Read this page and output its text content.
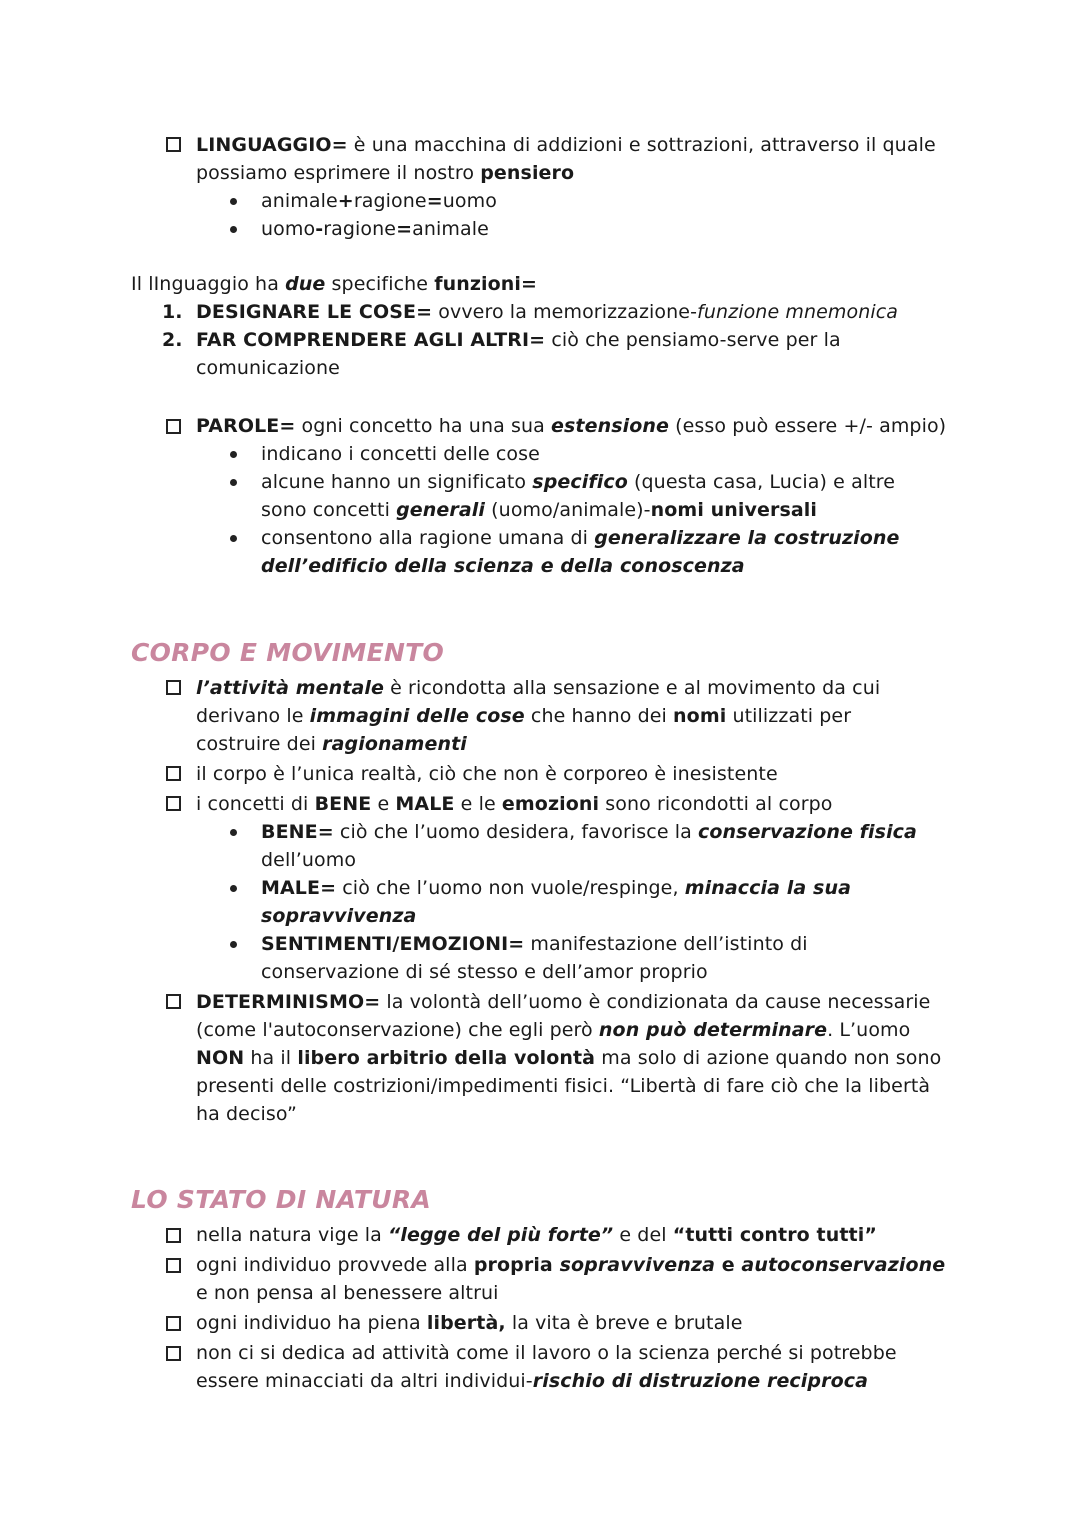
LINGUAGGIO= è una macchina di addizioni e sottrazioni, attraverso il quale
possiamo esprimere il nostro pensiero
animale+ragione=uomo
uomo-ragione=animale
Il lInguaggio ha due specifiche funzioni=
1. DESIGNARE LE COSE= ovvero la memorizzazione-funzione mnemonica
2. FAR COMPRENDERE AGLI ALTRI= ciò che pensiamo-serve per la
comunicazione
PAROLE= ogni concetto ha una sua estensione (esso può essere +/- ampio)
indicano i concetti delle cose
alcune hanno un significato specifico (questa casa, Lucia) e altre
sono concetti generali (uomo/animale)-nomi universali
consentono alla ragione umana di generalizzare la costruzione
dell’edificio della scienza e della conoscenza
CORPO E MOVIMENTO
l’attività mentale è ricondotta alla sensazione e al movimento da cui
derivano le immagini delle cose che hanno dei nomi utilizzati per
costruire dei ragionamenti
il corpo è l’unica realtà, ciò che non è corporeo è inesistente
i concetti di BENE e MALE e le emozioni sono ricondotti al corpo
BENE= ciò che l’uomo desidera, favorisce la conservazione fisica
dell’uomo
MALE= ciò che l’uomo non vuole/respinge, minaccia la sua
sopravvivenza
SENTIMENTI/EMOZIONI= manifestazione dell’istinto di
conservazione di sé stesso e dell’amor proprio
DETERMINISMO= la volontà dell’uomo è condizionata da cause necessarie
(come l'autoconservazione) che egli però non può determinare. L’uomo
NON ha il libero arbitrio della volontà ma solo di azione quando non sono
presenti delle costrizioni/impedimenti fisici. “Libertà di fare ciò che la libertà
ha deciso”
LO STATO DI NATURA
nella natura vige la “legge del più forte” e del “tutti contro tutti”
ogni individuo provvede alla propria sopravvivenza e autoconservazione
e non pensa al benessere altrui
ogni individuo ha piena libertà, la vita è breve e brutale
non ci si dedica ad attività come il lavoro o la scienza perché si potrebbe
essere minacciati da altri individui-rischio di distruzione reciproca
